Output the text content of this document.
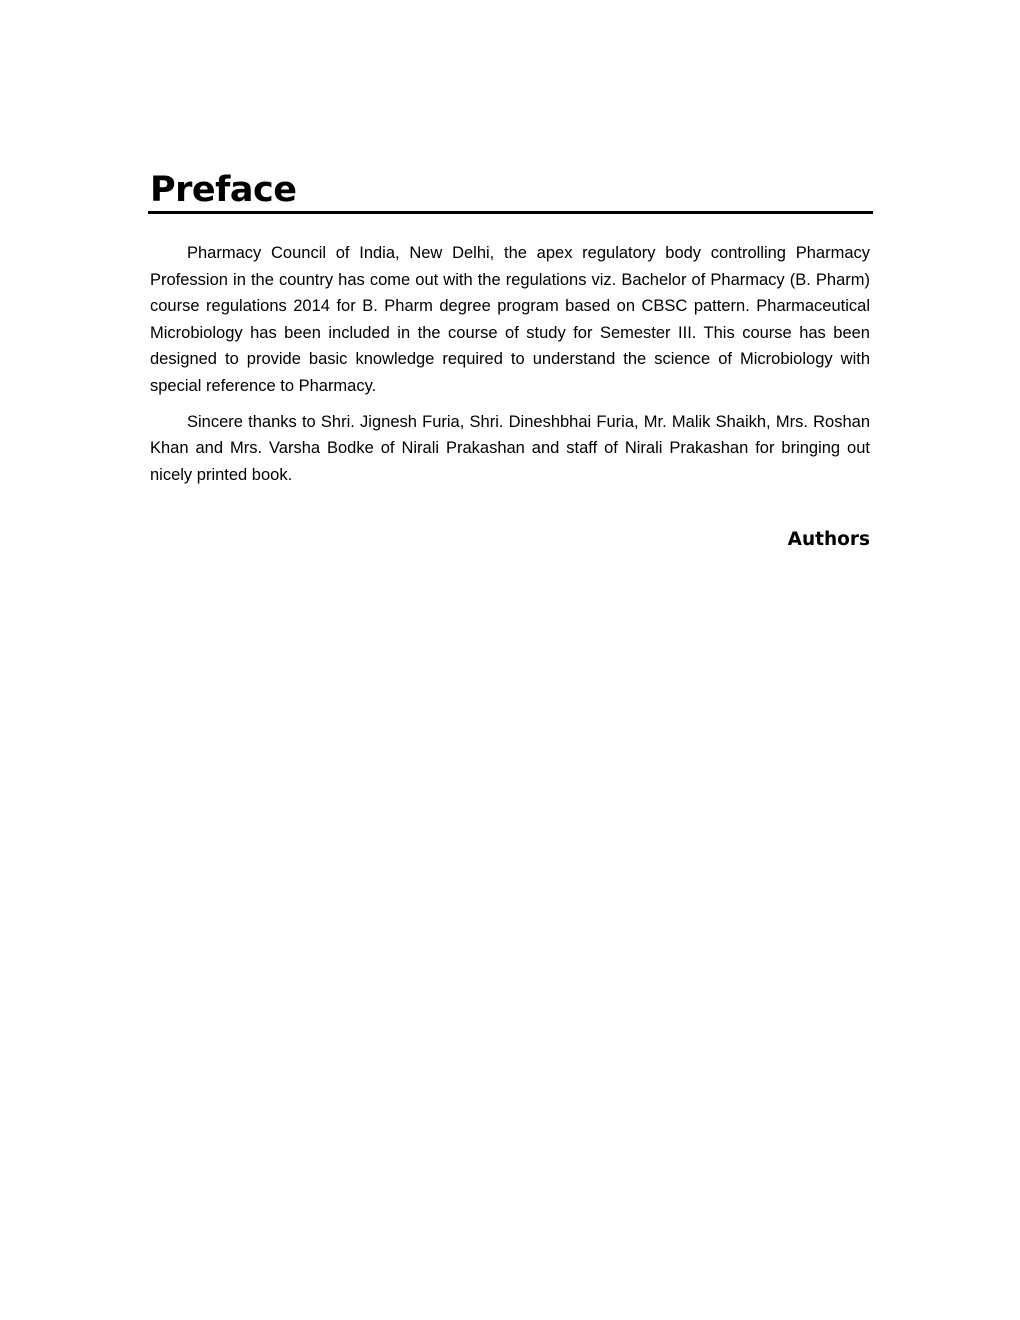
Preface

Pharmacy Council of India, New Delhi, the apex regulatory body controlling Pharmacy Profession in the country has come out with the regulations viz. Bachelor of Pharmacy (B. Pharm) course regulations 2014 for B. Pharm degree program based on CBSC pattern. Pharmaceutical Microbiology has been included in the course of study for Semester III. This course has been designed to provide basic knowledge required to understand the science of Microbiology with special reference to Pharmacy.

Sincere thanks to Shri. Jignesh Furia, Shri. Dineshbhai Furia, Mr. Malik Shaikh, Mrs. Roshan Khan and Mrs. Varsha Bodke of Nirali Prakashan and staff of Nirali Prakashan for bringing out nicely printed book.

Authors
